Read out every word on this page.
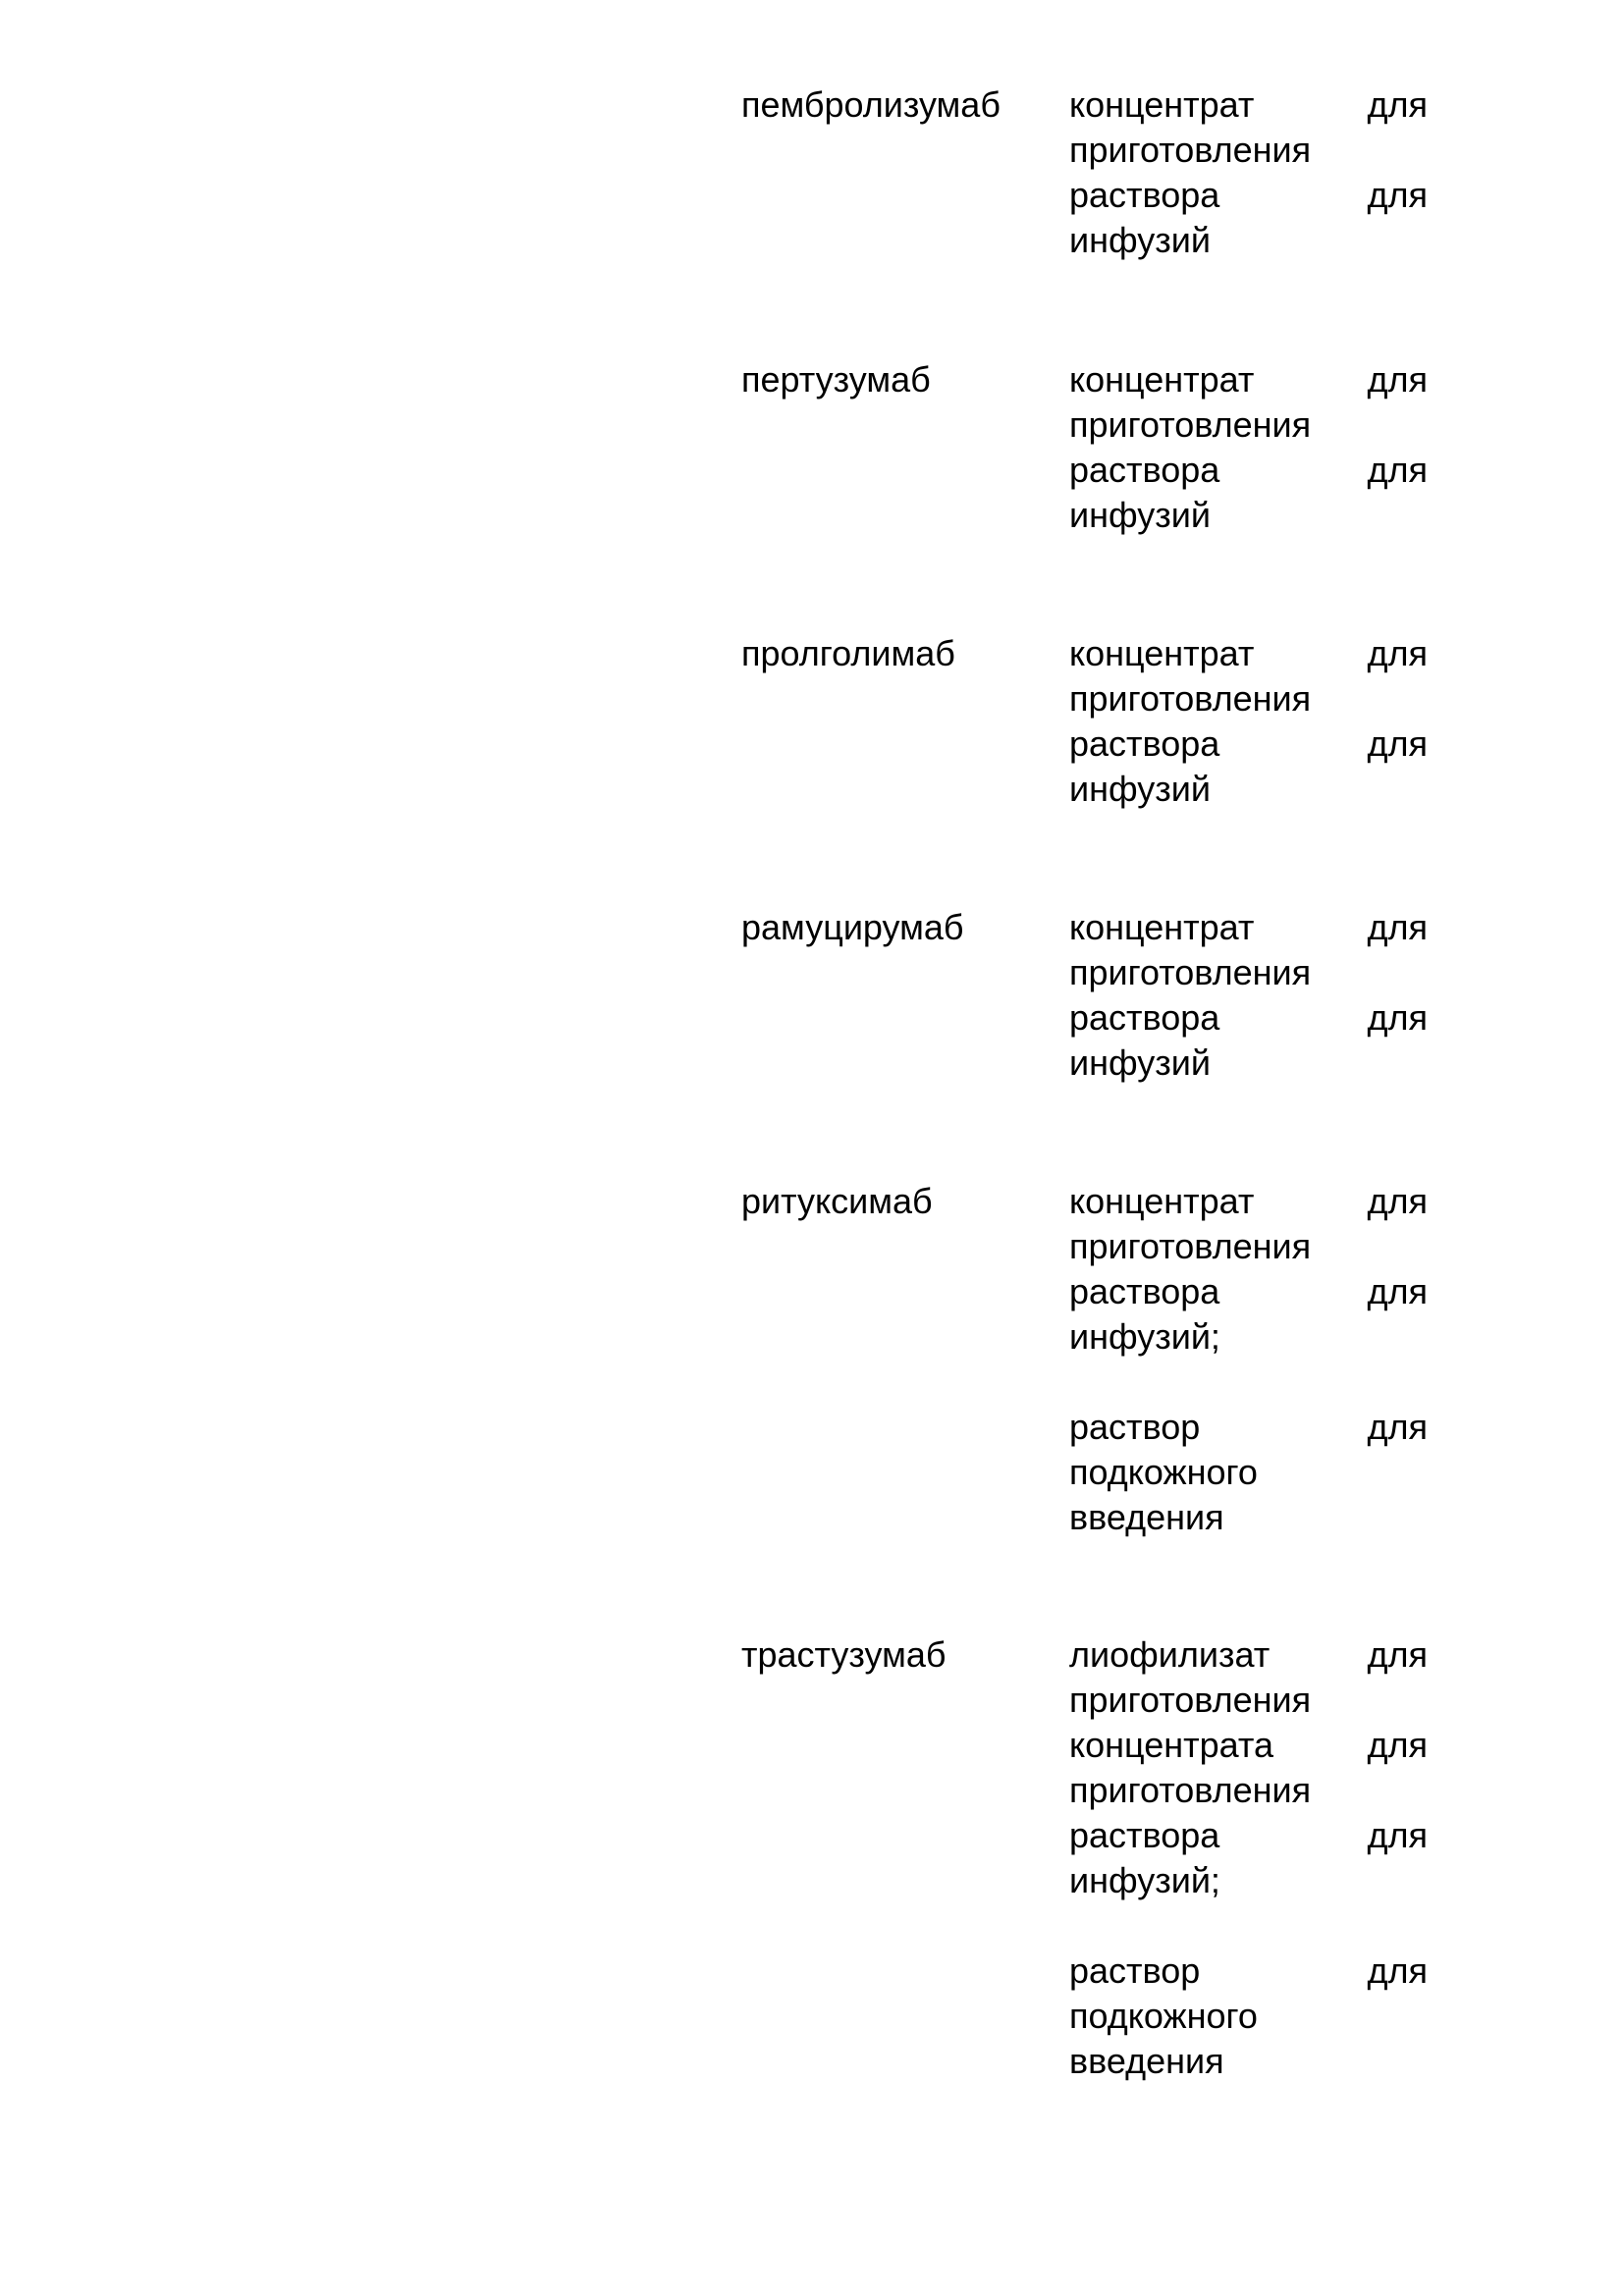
пембролизумаб концентрат	для
приготовления
раствора	для
инфузий
пертузумаб	концентрат	для
приготовления
раствора	для
инфузий
пролголимаб	концентрат	для
приготовления
раствора	для
инфузий
рамуцирумаб	концентрат	для
приготовления
раствора	для
инфузий
ритуксимаб	концентрат	для
приготовления
раствора	для
инфузий;
раствор	для
подкожного
введения
трастузумаб	лиофилизат	для
приготовления
концентрата	для
приготовления
раствора	для
инфузий;
раствор	для
подкожного
введения
